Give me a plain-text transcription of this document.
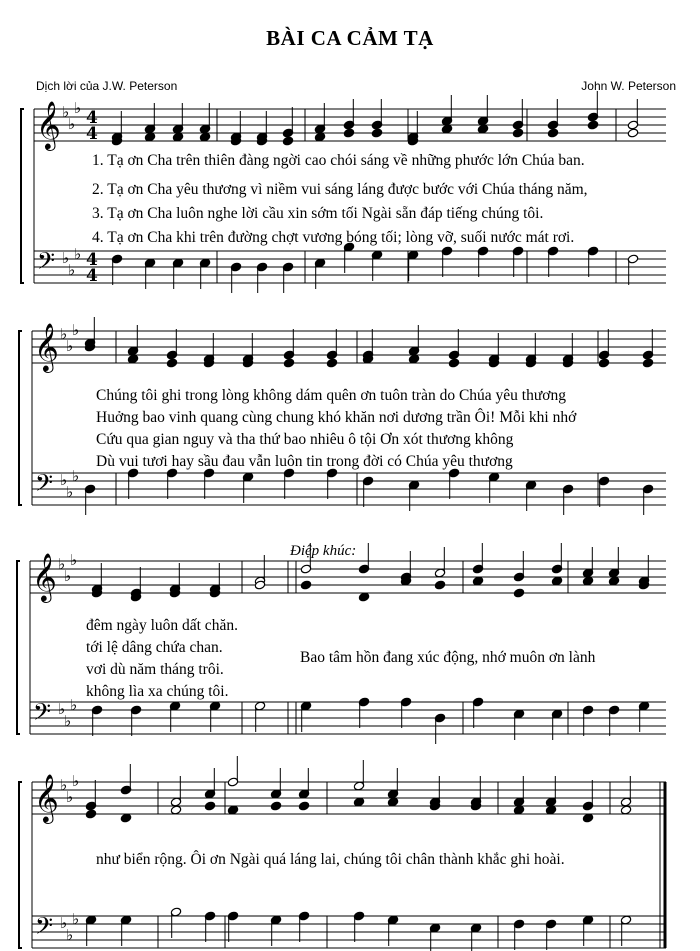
BÀI CA CẢM TẠ
Dịch lời của J.W. Peterson	John W. Peterson
𝄞
𝄢
♭
♭
♭
♭
♭
♭
4
4
4
4
𝄞
𝄢
♭
♭
♭
♭
♭
♭
𝄞
𝄢
♭
♭
♭
♭
♭
♭
𝄞
𝄢
♭
♭
♭
♭
♭
♭
1. Tạ ơn Cha trên thiên đàng ngời cao chói sáng về những phước lớn Chúa ban.
2. Tạ ơn Cha yêu thương vì niềm vui sáng láng được bước với Chúa tháng năm,
3. Tạ ơn Cha luôn nghe lời cầu xin sớm tối Ngài sẵn đáp tiếng chúng tôi.
4. Tạ ơn Cha khi trên đường chợt vương bóng tối; lòng vỡ, suối nước mát rơi.
Chúng tôi ghi trong lòng không dám quên ơn tuôn tràn do Chúa yêu thương
Huởng bao vinh quang cùng chung khó khăn nơi dương trần Ôi! Mỗi khi nhớ
Cứu qua gian nguy và tha thứ bao nhiêu ô tội Ơn xót thương không
Dù vui tươi hay sầu đau vẫn luôn tin trong đời có Chúa yêu thương
Điệp khúc:
đêm ngày luôn dất chăn.
tới lệ dâng chứa chan.
vơi dù năm tháng trôi.
không lìa xa chúng tôi.
Bao tâm hồn đang xúc động, nhớ muôn ơn lành
như biển rộng. Ôi ơn Ngài quá láng lai, chúng tôi chân thành khắc ghi hoài.
